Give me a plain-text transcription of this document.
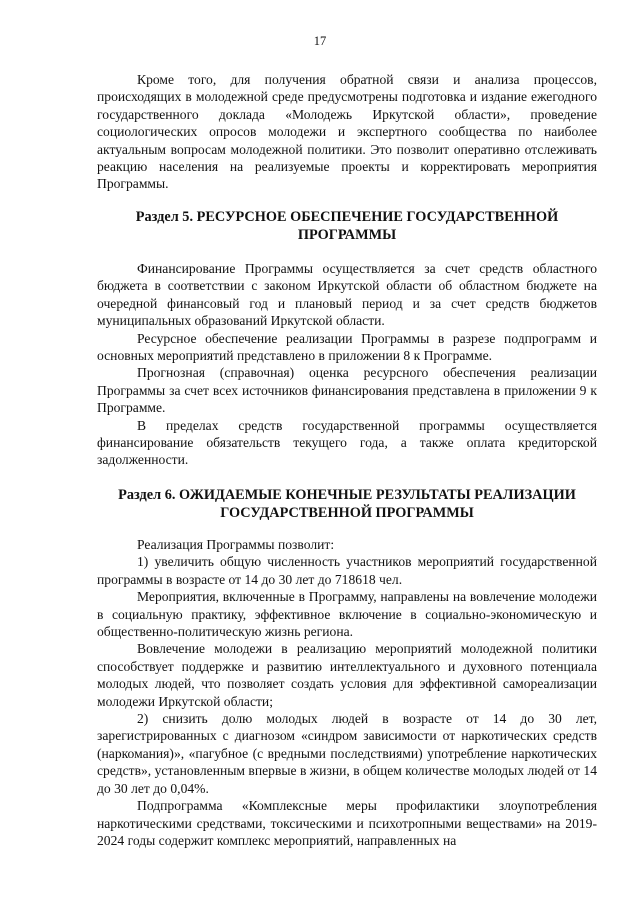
17

Кроме того, для получения обратной связи и анализа процессов, происходящих в молодежной среде предусмотрены подготовка и издание ежегодного государственного доклада «Молодежь Иркутской области», проведение социологических опросов молодежи и экспертного сообщества по наиболее актуальным вопросам молодежной политики. Это позволит оперативно отслеживать реакцию населения на реализуемые проекты и корректировать мероприятия Программы.

Раздел 5. РЕСУРСНОЕ ОБЕСПЕЧЕНИЕ ГОСУДАРСТВЕННОЙ ПРОГРАММЫ

Финансирование Программы осуществляется за счет средств областного бюджета в соответствии с законом Иркутской области об областном бюджете на очередной финансовый год и плановый период и за счет средств бюджетов муниципальных образований Иркутской области.

Ресурсное обеспечение реализации Программы в разрезе подпрограмм и основных мероприятий представлено в приложении 8 к Программе.

Прогнозная (справочная) оценка ресурсного обеспечения реализации Программы за счет всех источников финансирования представлена в приложении 9 к Программе.

В пределах средств государственной программы осуществляется финансирование обязательств текущего года, а также оплата кредиторской задолженности.

Раздел 6. ОЖИДАЕМЫЕ КОНЕЧНЫЕ РЕЗУЛЬТАТЫ РЕАЛИЗАЦИИ ГОСУДАРСТВЕННОЙ ПРОГРАММЫ

Реализация Программы позволит:

1) увеличить общую численность участников мероприятий государственной программы в возрасте от 14 до 30 лет до 718618 чел.

Мероприятия, включенные в Программу, направлены на вовлечение молодежи в социальную практику, эффективное включение в социально-экономическую и общественно-политическую жизнь региона.

Вовлечение молодежи в реализацию мероприятий молодежной политики способствует поддержке и развитию интеллектуального и духовного потенциала молодых людей, что позволяет создать условия для эффективной самореализации молодежи Иркутской области;

2) снизить долю молодых людей в возрасте от 14 до 30 лет, зарегистрированных с диагнозом «синдром зависимости от наркотических средств (наркомания)», «пагубное (с вредными последствиями) употребление наркотических средств», установленным впервые в жизни, в общем количестве молодых людей от 14 до 30 лет до 0,04%.

Подпрограмма «Комплексные меры профилактики злоупотребления наркотическими средствами, токсическими и психотропными веществами» на 2019-2024 годы содержит комплекс мероприятий, направленных на
